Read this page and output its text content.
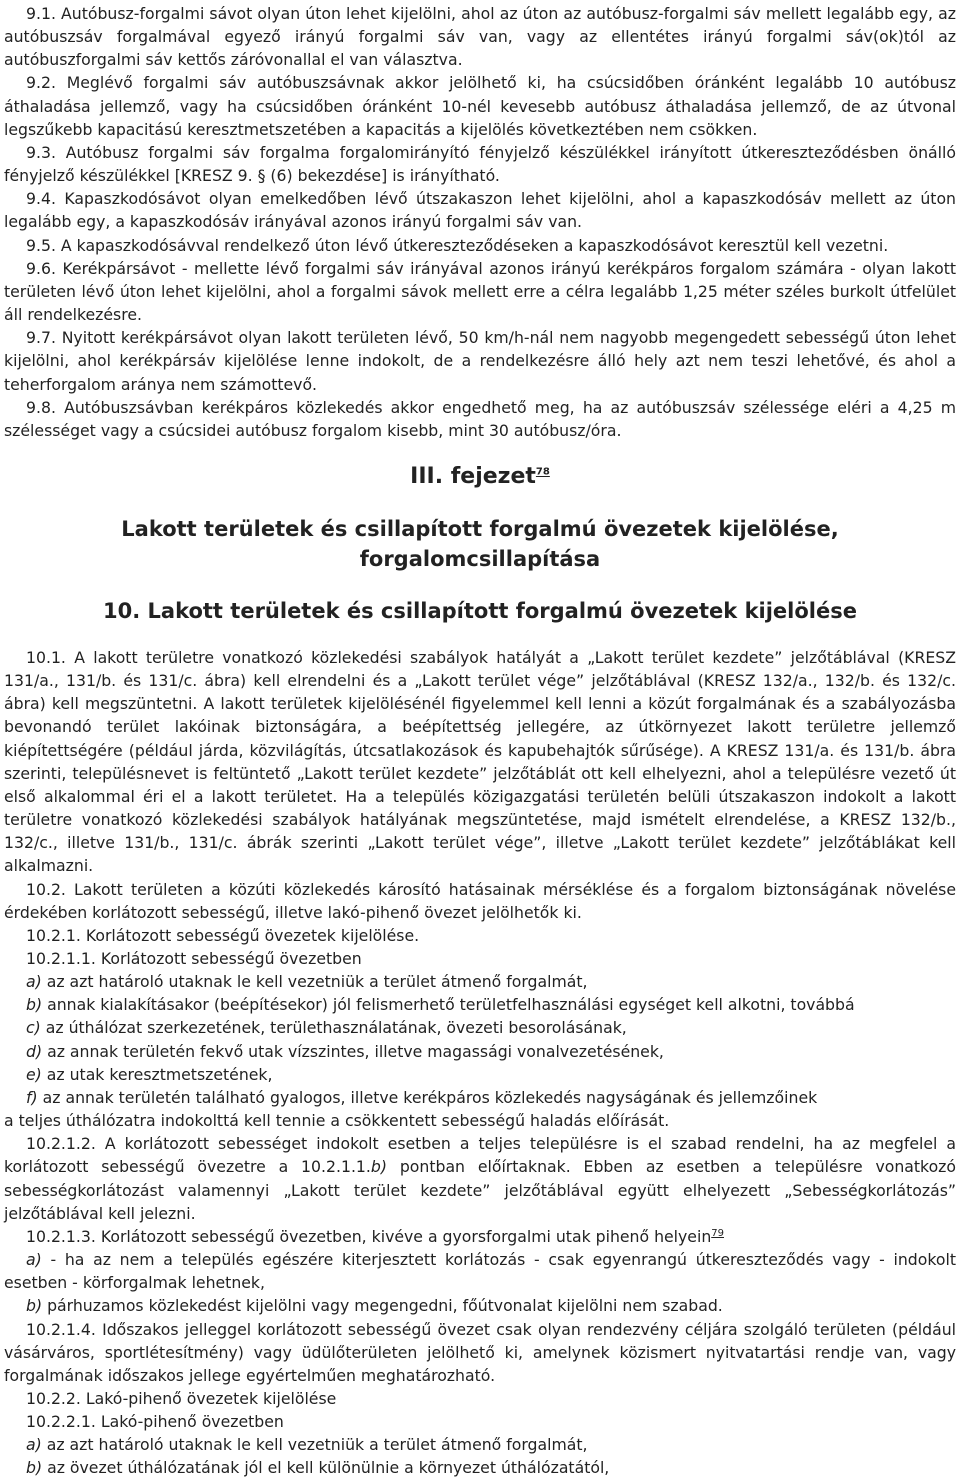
9.1. Autóbusz-forgalmi sávot olyan úton lehet kijelölni, ahol az úton az autóbusz-forgalmi sáv mellett legalább egy, az autóbuszsáv forgalmával egyező irányú forgalmi sáv van, vagy az ellentétes irányú forgalmi sáv(ok)tól az autóbuszforgalmi sáv kettős záróvonallal el van választva.

9.2. Meglévő forgalmi sáv autóbuszsávnak akkor jelölhető ki, ha csúcsidőben óránként legalább 10 autóbusz áthaladása jellemző, vagy ha csúcsidőben óránként 10-nél kevesebb autóbusz áthaladása jellemző, de az útvonal legszűkebb kapacitású keresztmetszetében a kapacitás a kijelölés következtében nem csökken.

9.3. Autóbusz forgalmi sáv forgalma forgalomirányító fényjelző készülékkel irányított útkereszteződésben önálló fényjelző készülékkel [KRESZ 9. § (6) bekezdése] is irányítható.

9.4. Kapaszkodósávot olyan emelkedőben lévő útszakaszon lehet kijelölni, ahol a kapaszkodósáv mellett az úton legalább egy, a kapaszkodósáv irányával azonos irányú forgalmi sáv van.

9.5. A kapaszkodósávval rendelkező úton lévő útkereszteződéseken a kapaszkodósávot keresztül kell vezetni.

9.6. Kerékpársávot - mellette lévő forgalmi sáv irányával azonos irányú kerékpáros forgalom számára - olyan lakott területen lévő úton lehet kijelölni, ahol a forgalmi sávok mellett erre a célra legalább 1,25 méter széles burkolt útfelület áll rendelkezésre.

9.7. Nyitott kerékpársávot olyan lakott területen lévő, 50 km/h-nál nem nagyobb megengedett sebességű úton lehet kijelölni, ahol kerékpársáv kijelölése lenne indokolt, de a rendelkezésre álló hely azt nem teszi lehetővé, és ahol a teherforgalom aránya nem számottevő.

9.8. Autóbuszsávban kerékpáros közlekedés akkor engedhető meg, ha az autóbuszsáv szélessége eléri a 4,25 m szélességet vagy a csúcsidei autóbusz forgalom kisebb, mint 30 autóbusz/óra.

III. fejezet$^{78}$
Lakott területek és csillapított forgalmú övezetek kijelölése, forgalomcsillapítása
10. Lakott területek és csillapított forgalmú övezetek kijelölése

10.1. A lakott területre vonatkozó közlekedési szabályok hatályát a „Lakott terület kezdete” jelzőtáblával (KRESZ 131/a., 131/b. és 131/c. ábra) kell elrendelni és a „Lakott terület vége” jelzőtáblával (KRESZ 132/a., 132/b. és 132/c. ábra) kell megszüntetni. A lakott területek kijelölésénél figyelemmel kell lenni a közút forgalmának és a szabályozásba bevonandó terület lakóinak biztonságára, a beépítettség jellegére, az útkörnyezet lakott területre jellemző kiépítettségére (például járda, közvilágítás, útcsatlakozások és kapubehajtók sűrűsége). A KRESZ 131/a. és 131/b. ábra szerinti, településnevet is feltüntető „Lakott terület kezdete” jelzőtáblát ott kell elhelyezni, ahol a településre vezető út első alkalommal éri el a lakott területet. Ha a település közigazgatási területén belüli útszakaszon indokolt a lakott területre vonatkozó közlekedési szabályok hatályának megszüntetése, majd ismételt elrendelése, a KRESZ 132/b., 132/c., illetve 131/b., 131/c. ábrák szerinti „Lakott terület vége”, illetve „Lakott terület kezdete” jelzőtáblákat kell alkalmazni.

10.2. Lakott területen a közúti közlekedés károsító hatásainak mérséklése és a forgalom biztonságának növelése érdekében korlátozott sebességű, illetve lakó-pihenő övezet jelölhetők ki.

10.2.1. Korlátozott sebességű övezetek kijelölése.

10.2.1.1. Korlátozott sebességű övezetben

a) az azt határoló utaknak le kell vezetniük a terület átmenő forgalmát,

b) annak kialakításakor (beépítésekor) jól felismerhető területfelhasználási egységet kell alkotni, továbbá

c) az úthálózat szerkezetének, területhasználatának, övezeti besorolásának,

d) az annak területén fekvő utak vízszintes, illetve magassági vonalvezetésének,

e) az utak keresztmetszetének,

f) az annak területén található gyalogos, illetve kerékpáros közlekedés nagyságának és jellemzőinek

a teljes úthálózatra indokolttá kell tennie a csökkentett sebességű haladás előírását.

10.2.1.2. A korlátozott sebességet indokolt esetben a teljes településre is el szabad rendelni, ha az megfelel a korlátozott sebességű övezetre a 10.2.1.1.b) pontban előírtaknak. Ebben az esetben a településre vonatkozó sebességkorlátozást valamennyi „Lakott terület kezdete” jelzőtáblával együtt elhelyezett „Sebességkorlátozás” jelzőtáblával kell jelezni.

10.2.1.3. Korlátozott sebességű övezetben, kivéve a gyorsforgalmi utak pihenő helyein$^{79}$

a) - ha az nem a település egészére kiterjesztett korlátozás - csak egyenrangú útkereszteződés vagy - indokolt esetben - körforgalmak lehetnek,

b) párhuzamos közlekedést kijelölni vagy megengedni, főútvonalat kijelölni nem szabad.

10.2.1.4. Időszakos jelleggel korlátozott sebességű övezet csak olyan rendezvény céljára szolgáló területen (például vásárváros, sportlétesítmény) vagy üdülőterületen jelölhető ki, amelynek közismert nyitvatartási rendje van, vagy forgalmának időszakos jellege egyértelműen meghatározható.

10.2.2. Lakó-pihenő övezetek kijelölése

10.2.2.1. Lakó-pihenő övezetben

a) az azt határoló utaknak le kell vezetniük a terület átmenő forgalmát,

b) az övezet úthálózatának jól el kell különülnie a környezet úthálózatától,
